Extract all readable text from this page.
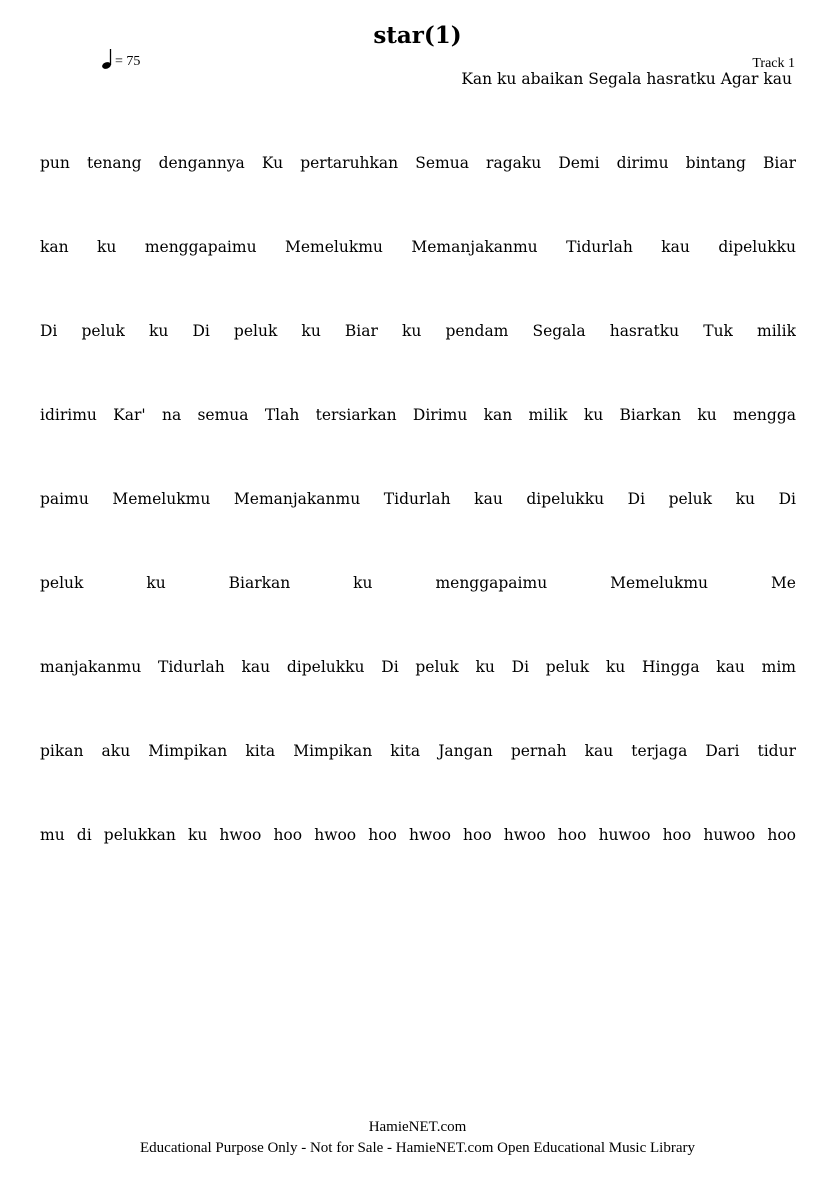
star(1)
= 75	Track 1
Kan ku abaikan Segala hasratku Agar kau
pun tenang dengannya Ku pertaruhkan Semua ragaku Demi dirimu bintang Biar
kan ku menggapaimu Memelukmu Memanjakanmu Tidurlah kau dipelukku
Di peluk ku Di peluk ku Biar ku pendam Segala hasratku Tuk milik
idirimu Kar' na semua Tlah tersiarkan Dirimu kan milik ku Biarkan ku mengga
paimu Memelukmu Memanjakanmu Tidurlah kau dipelukku Di peluk ku Di
peluk ku Biarkan ku menggapaimu Memelukmu Me
manjakanmu Tidurlah kau dipelukku Di peluk ku Di peluk ku Hingga kau mim
pikan aku Mimpikan kita Mimpikan kita Jangan pernah kau terjaga Dari tidur
mu di pelukkan ku hwoo hoo hwoo hoo hwoo hoo hwoo hoo huwoo hoo huwoo hoo
HamieNET.com
Educational Purpose Only - Not for Sale - HamieNET.com Open Educational Music Library
